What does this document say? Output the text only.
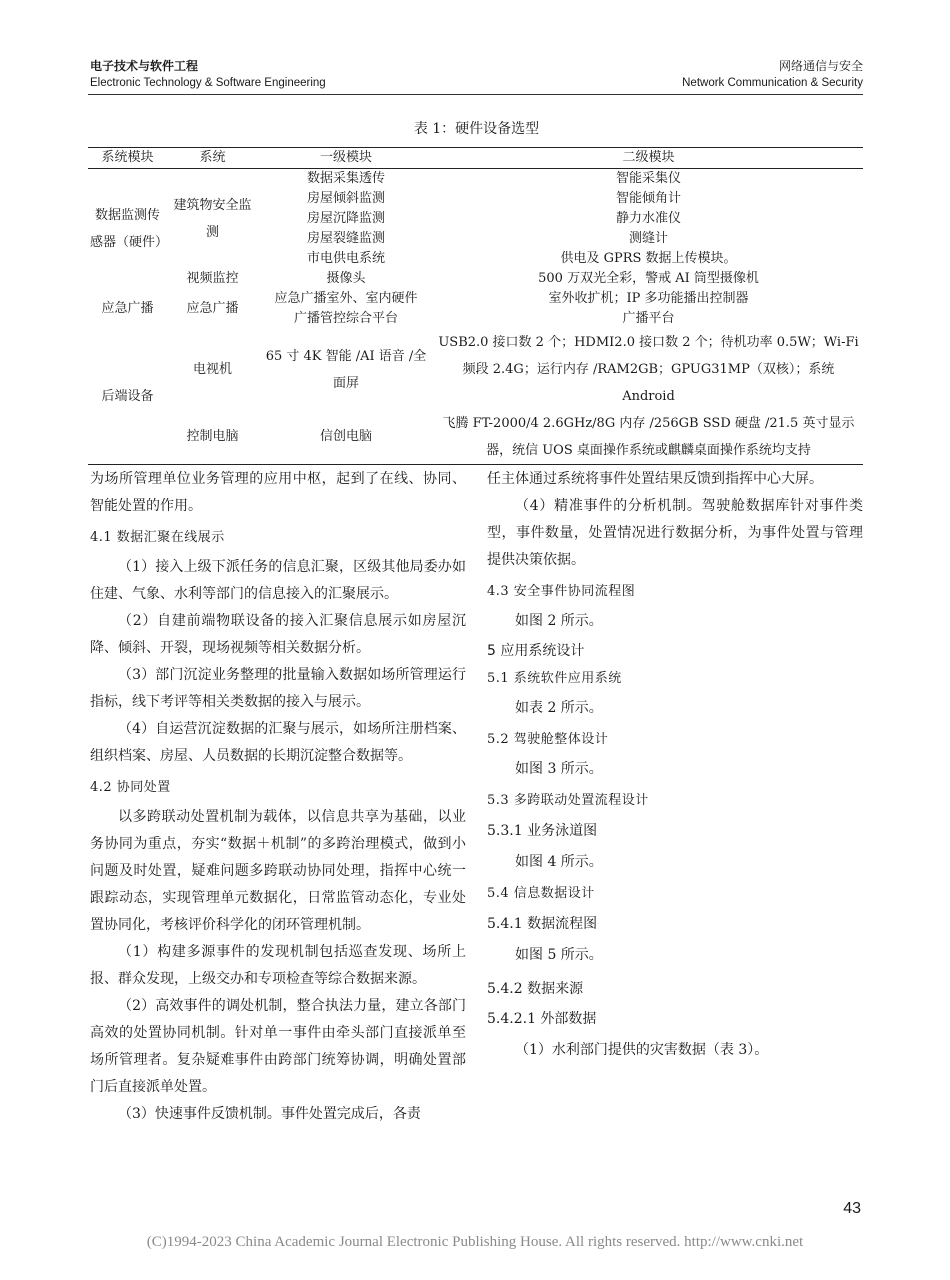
电子技术与软件工程
Electronic Technology & Software Engineering
网络通信与安全
Network Communication & Security
表 1：硬件设备选型
系统模块	系统	一级模块	二级模块
数据监测传感器（硬件）	建筑物安全监测	数据采集透传	智能采集仪
		房屋倾斜监测	智能倾角计
		房屋沉降监测	静力水准仪
		房屋裂缝监测	测缝计
		市电供电系统	供电及 GPRS 数据上传模块。
	视频监控	摄像头	500 万双光全彩，警戒 AI 筒型摄像机
应急广播	应急广播	应急广播室外、室内硬件	室外收扩机；IP 多功能播出控制器
		广播管控综合平台	广播平台
后端设备	电视机	65 寸 4K 智能 /AI 语音 /全面屏	USB2.0 接口数 2 个；HDMI2.0 接口数 2 个；待机功率 0.5W；Wi-Fi 频段 2.4G；运行内存 /RAM2GB；GPUG31MP（双核）；系统 Android
	控制电脑	信创电脑	飞腾 FT-2000/4 2.6GHz/8G 内存 /256GB SSD 硬盘 /21.5 英寸显示器，统信 UOS 桌面操作系统或麒麟桌面操作系统均支持

为场所管理单位业务管理的应用中枢，起到了在线、协同、智能处置的作用。

4.1 数据汇聚在线展示

（1）接入上级下派任务的信息汇聚，区级其他局委办如住建、气象、水利等部门的信息接入的汇聚展示。

（2）自建前端物联设备的接入汇聚信息展示如房屋沉降、倾斜、开裂，现场视频等相关数据分析。

（3）部门沉淀业务整理的批量输入数据如场所管理运行指标，线下考评等相关类数据的接入与展示。

（4）自运营沉淀数据的汇聚与展示，如场所注册档案、组织档案、房屋、人员数据的长期沉淀整合数据等。

4.2 协同处置

以多跨联动处置机制为载体，以信息共享为基础，以业务协同为重点，夯实“数据＋机制”的多跨治理模式，做到小问题及时处置，疑难问题多跨联动协同处理，指挥中心统一跟踪动态，实现管理单元数据化，日常监管动态化，专业处置协同化，考核评价科学化的闭环管理机制。

（1）构建多源事件的发现机制包括巡查发现、场所上报、群众发现，上级交办和专项检查等综合数据来源。

（2）高效事件的调处机制，整合执法力量，建立各部门高效的处置协同机制。针对单一事件由牵头部门直接派单至场所管理者。复杂疑难事件由跨部门统筹协调，明确处置部门后直接派单处置。

（3）快速事件反馈机制。事件处置完成后，各责

任主体通过系统将事件处置结果反馈到指挥中心大屏。

（4）精准事件的分析机制。驾驶舱数据库针对事件类型，事件数量，处置情况进行数据分析，为事件处置与管理提供决策依据。

4.3 安全事件协同流程图

如图 2 所示。

5 应用系统设计
5.1 系统软件应用系统

如表 2 所示。

5.2 驾驶舱整体设计

如图 3 所示。

5.3 多跨联动处置流程设计
5.3.1 业务泳道图

如图 4 所示。

5.4 信息数据设计
5.4.1 数据流程图

如图 5 所示。

5.4.2 数据来源
5.4.2.1 外部数据

（1）水利部门提供的灾害数据（表 3）。

43
(C)1994-2023 China Academic Journal Electronic Publishing House. All rights reserved. http://www.cnki.net
